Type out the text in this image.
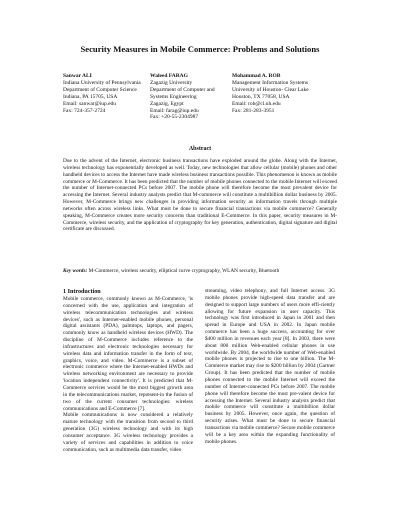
Security Measures in Mobile Commerce: Problems and Solutions
Sanwar ALI
Indiana University of Pennsylvania
Department of Computer Science
Indiana, PA 15705, USA
Email: sanwar@iup.edu
Fax: 724-357-2724
Waleed FARAG
Zagazig University
Department of Computer and
Systems Engineering
Zagazig, Egypt
Email: farag@iup.edu
Fax: +20-55-2304987
Mohammad A. ROB
Management Information Systems
University of Houston- Clear Lake
Houston, TX 77058, USA
Email: rob@cl.uh.edu
Fax: 281-283-3951
Abstract
Due to the advent of the Internet, electronic business transactions have exploded around the globe. Along with the Internet, wireless technology has exponentially developed as well. Today, new technologies that allow cellular (mobile) phones and other handheld devices to access the Internet have made wireless business transactions possible. This phenomenon is known as mobile commerce or M-Commerce. It has been predicted that the number of mobile phones connected to the mobile Internet will exceed the number of Internet-connected PCs before 2007. The mobile phone will therefore become the most prevalent device for accessing the Internet. Several industry analysts predict that M-commerce will constitute a multibillion dollar business by 2005. However, M-Commerce brings new challenges in providing information security as information travels through multiple networks often across wireless links. What must be done to secure financial transactions via mobile commerce? Generally speaking, M-Commerce creates more security concerns than traditional E-Commerce. In this paper, security measures in M-Commerce, wireless security, and the application of cryptography for key generation, authentication, digital signature and digital certificate are discussed.
Key words: M-Commerce, wireless security, elliptical curve cryptography, WLAN security, Bluetooth
1 Introduction
Mobile commerce, commonly known as M-Commerce, 'is concerned with the use, application and integration of wireless telecommunication technologies and wireless devices', such as Internet-enabled mobile phones, personal digital assistants (PDA), palmtops, laptops, and pagers, commonly know as handheld wireless devices (HWD). The discipline of M-Commerce includes reference to the infrastructures and electronic technologies necessary for wireless data and information transfer in the form of text, graphics, voice, and video. M-Commerce is a subset of electronic commerce where the Internet-enabled HWDs and wireless networking environment are necessary to provide 'location independent connectivity'. It is predicted that M-Commerce services would be the most biggest growth area in the telecommunications market, represent-in the fusion of two of the current consumer technologies: wireless communications and E-Commerce [7].
Mobile communications is now considered a relatively mature technology with the transition from second to third generation (3G) wireless technology and with its high consumer acceptance. 3G wireless technology provides a variety of services and capabilities in addition to voice communication, such as multimedia data transfer, video
streaming, video telephony, and full Internet access. 3G mobile phones provide high-speed data transfer and are designed to support large numbers of users more effi-ciently allowing for future expansion in user capacity. This technology was first introduced in Japan in 2001 and then spread in Europe and USA in 2002. In Japan mobile commerce has been a huge success, accounting for over $400 million in revenues each year [8]. In 2003, there were about 800 million Web-enabled cellular phones in use worldwide. By 2004, the worldwide number of Web-enabled mobile phones is projected to rise to one billion. The M-Commerce market may rise to $200 billion by 2004 (Gartner Group). It has been predicted that the number of mobile phones connected to the mobile Internet will exceed the number of Internet-connected PCs before 2007. The mobile phone will therefore become the most pre-valent device for accessing the Internet. Several industry analysts predict that mobile commerce will constitute a multibillion dollar business by 2005. However, once again, the question of security arises. What must be done to secure financial transactions via mobile commerce? Secure mobile commerce will be a key area within the expanding functionality of mobile phones.
